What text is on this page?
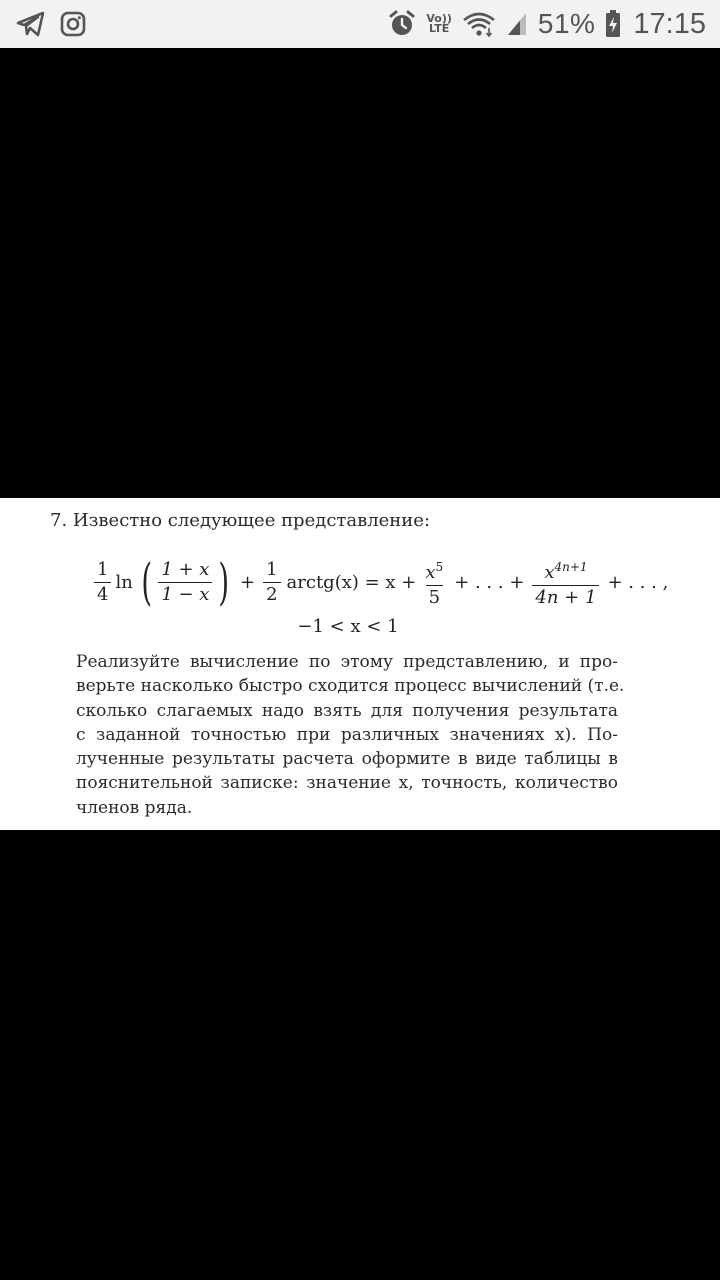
Vo))
LTE	51% 17:15
7. Известно следующее представление:
$\frac{1}{4}$ ln ( $\frac{1 + x}{1 - x}$ ) + $\frac{1}{2}$ arctg(x) = $x + \frac{x^5}{5}$ + . . . + $\frac{x^{4n+1}}{4n + 1}$ + . . . ,
−1 < x < 1
Реализуйте вычисление по этому представлению, и про-
верьте насколько быстро сходится процесс вычислений (т.е.
сколько слагаемых надо взять для получения результата
с заданной точностью при различных значениях x). По-
лученные результаты расчета оформите в виде таблицы в
пояснительной записке: значение x, точность, количество
членов ряда.
